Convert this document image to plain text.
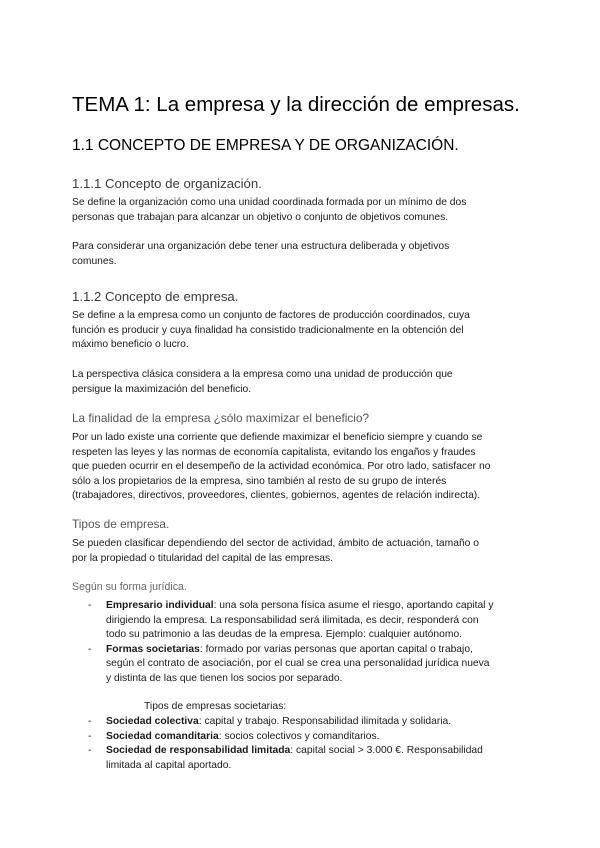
TEMA 1: La empresa y la dirección de empresas.
1.1 CONCEPTO DE EMPRESA Y DE ORGANIZACIÓN.
1.1.1 Concepto de organización.
Se define la organización como una unidad coordinada formada por un mínimo de dos
personas que trabajan para alcanzar un objetivo o conjunto de objetivos comunes.
Para considerar una organización debe tener una estructura deliberada y objetivos
comunes.
1.1.2 Concepto de empresa.
Se define a la empresa como un conjunto de factores de producción coordinados, cuya
función es producir y cuya finalidad ha consistido tradicionalmente en la obtención del
máximo beneficio o lucro.
La perspectiva clásica considera a la empresa como una unidad de producción que
persigue la maximización del beneficio.
La finalidad de la empresa ¿sólo maximizar el beneficio?
Por un lado existe una corriente que defiende maximizar el beneficio siempre y cuando se
respeten las leyes y las normas de economía capitalista, evitando los engaños y fraudes
que pueden ocurrir en el desempeño de la actividad económica. Por otro lado, satisfacer no
sólo a los propietarios de la empresa, sino también al resto de su grupo de interés
(trabajadores, directivos, proveedores, clientes, gobiernos, agentes de relación indirecta).
Tipos de empresa.
Se pueden clasificar dependiendo del sector de actividad, ámbito de actuación, tamaño o
por la propiedad o titularidad del capital de las empresas.
Según su forma jurídica.
- Empresario individual: una sola persona física asume el riesgo, aportando capital y
dirigiendo la empresa. La responsabilidad será ilimitada, es decir, responderá con
todo su patrimonio a las deudas de la empresa. Ejemplo: cualquier autónomo.
- Formas societarias: formado por varias personas que aportan capital o trabajo,
según el contrato de asociación, por el cual se crea una personalidad jurídica nueva
y distinta de las que tienen los socios por separado.
Tipos de empresas societarias:
- Sociedad colectiva: capital y trabajo. Responsabilidad ilimitada y solidaria.
- Sociedad comanditaria: socios colectivos y comanditarios.
- Sociedad de responsabilidad limitada: capital social > 3.000 €. Responsabilidad
limitada al capital aportado.
